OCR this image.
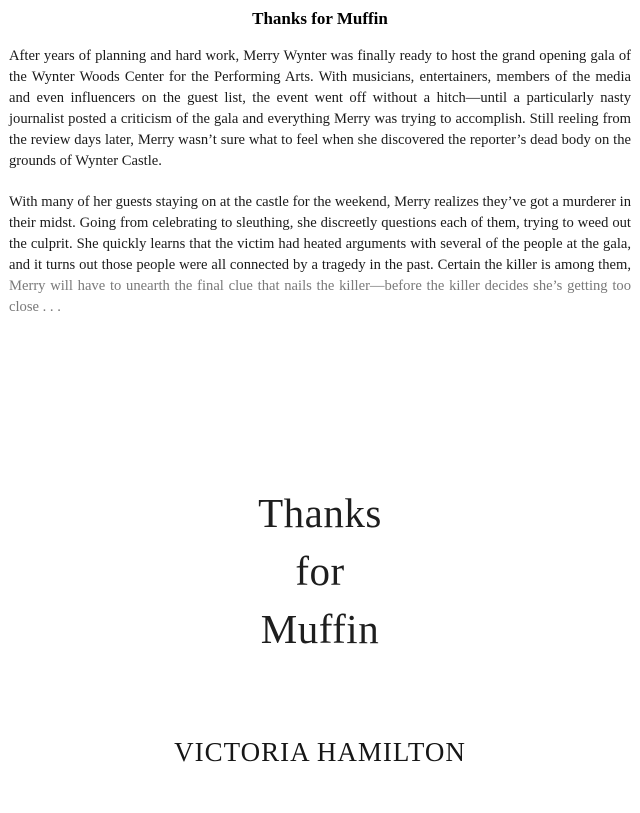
Thanks for Muffin

After years of planning and hard work, Merry Wynter was finally ready to host the grand opening gala of the Wynter Woods Center for the Performing Arts. With musicians, entertainers, members of the media and even influencers on the guest list, the event went off without a hitch—until a particularly nasty journalist posted a criticism of the gala and everything Merry was trying to accomplish. Still reeling from the review days later, Merry wasn’t sure what to feel when she discovered the reporter’s dead body on the grounds of Wynter Castle.

With many of her guests staying on at the castle for the weekend, Merry realizes they’ve got a murderer in their midst. Going from celebrating to sleuthing, she discreetly questions each of them, trying to weed out the culprit. She quickly learns that the victim had heated arguments with several of the people at the gala, and it turns out those people were all connected by a tragedy in the past. Certain the killer is among them, Merry will have to unearth the final clue that nails the killer—before the killer decides she’s getting too close . . .

Thanks
for
Muffin
VICTORIA HAMILTON
